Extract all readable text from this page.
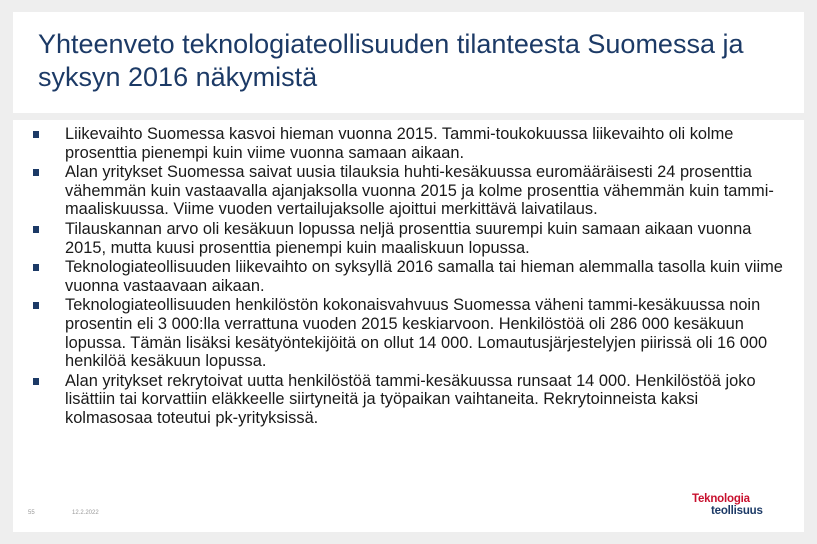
Yhteenveto teknologiateollisuuden tilanteesta Suomessa ja syksyn 2016 näkymistä
Liikevaihto Suomessa kasvoi hieman vuonna 2015. Tammi-toukokuussa liikevaihto oli kolme prosenttia pienempi kuin viime vuonna samaan aikaan.
Alan yritykset Suomessa saivat uusia tilauksia huhti-kesäkuussa euromääräisesti 24 prosenttia vähemmän kuin vastaavalla ajanjaksolla vuonna 2015 ja kolme prosenttia vähemmän kuin tammi-maaliskuussa. Viime vuoden vertailujaksolle ajoittui merkittävä laivatilaus.
Tilauskannan arvo oli kesäkuun lopussa neljä prosenttia suurempi kuin samaan aikaan vuonna 2015, mutta kuusi prosenttia pienempi kuin maaliskuun lopussa.
Teknologiateollisuuden liikevaihto on syksyllä 2016 samalla tai hieman alemmalla tasolla kuin viime vuonna vastaavaan aikaan.
Teknologiateollisuuden henkilöstön kokonaisvahvuus Suomessa väheni tammi-kesäkuussa noin prosentin eli 3 000:lla verrattuna vuoden 2015 keskiarvoon. Henkilöstöä oli 286 000 kesäkuun lopussa. Tämän lisäksi kesätyöntekijöitä on ollut 14 000. Lomautusjärjestelyjen piirissä oli 16 000 henkilöä kesäkuun lopussa.
Alan yritykset rekrytoivat uutta henkilöstöä tammi-kesäkuussa runsaat 14 000. Henkilöstöä joko lisättiin tai korvattiin eläkkeelle siirtyneitä ja työpaikan vaihtaneita. Rekrytoinneista kaksi kolmasosaa toteutui pk-yrityksissä.
55	12.2.2022
Teknologia
teollisuus
